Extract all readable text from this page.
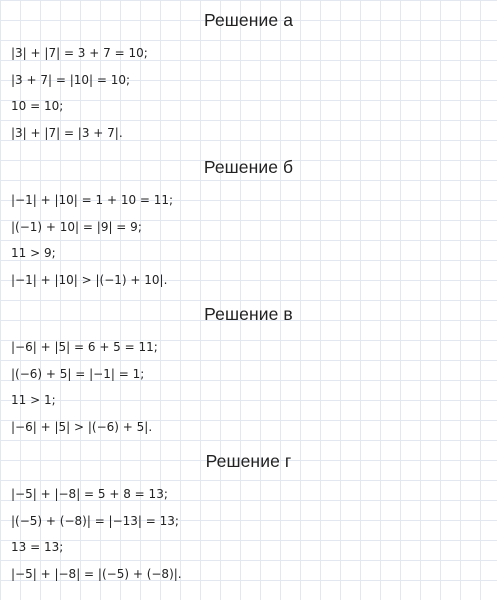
Решение а
|3| + |7| = 3 + 7 = 10;
|3 + 7| = |10| = 10;
10 = 10;
|3| + |7| = |3 + 7|.
Решение б
|−1| + |10| = 1 + 10 = 11;
|(−1) + 10| = |9| = 9;
11 > 9;
|−1| + |10| > |(−1) + 10|.
Решение в
|−6| + |5| = 6 + 5 = 11;
|(−6) + 5| = |−1| = 1;
11 > 1;
|−6| + |5| > |(−6) + 5|.
Решение г
|−5| + |−8| = 5 + 8 = 13;
|(−5) + (−8)| = |−13| = 13;
13 = 13;
|−5| + |−8| = |(−5) + (−8)|.
